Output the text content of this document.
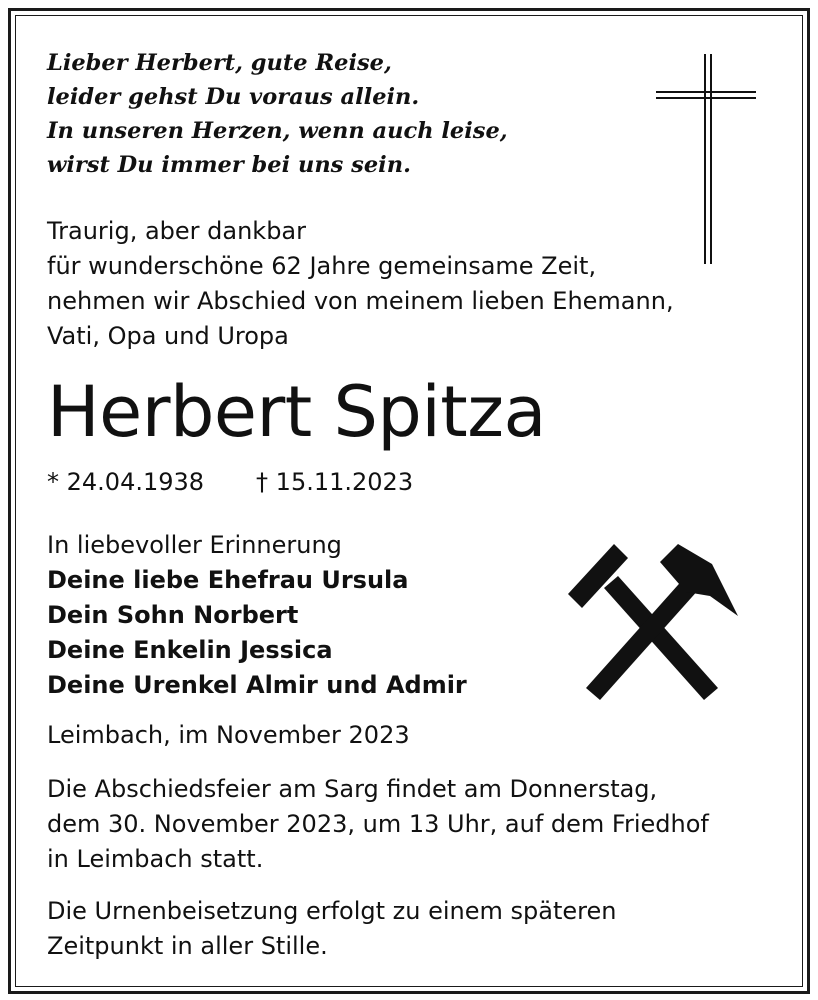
Lieber Herbert, gute Reise,
leider gehst Du voraus allein.
In unseren Herzen, wenn auch leise,
wirst Du immer bei uns sein.
Traurig, aber dankbar
für wunderschöne 62 Jahre gemeinsame Zeit,
nehmen wir Abschied von meinem lieben Ehemann,
Vati, Opa und Uropa
Herbert Spitza
* 24.04.1938 † 15.11.2023
In liebevoller Erinnerung
Deine liebe Ehefrau Ursula
Dein Sohn Norbert
Deine Enkelin Jessica
Deine Urenkel Almir und Admir
Leimbach, im November 2023
Die Abschiedsfeier am Sarg findet am Donnerstag,
dem 30. November 2023, um 13 Uhr, auf dem Friedhof
in Leimbach statt.
Die Urnenbeisetzung erfolgt zu einem späteren
Zeitpunkt in aller Stille.
